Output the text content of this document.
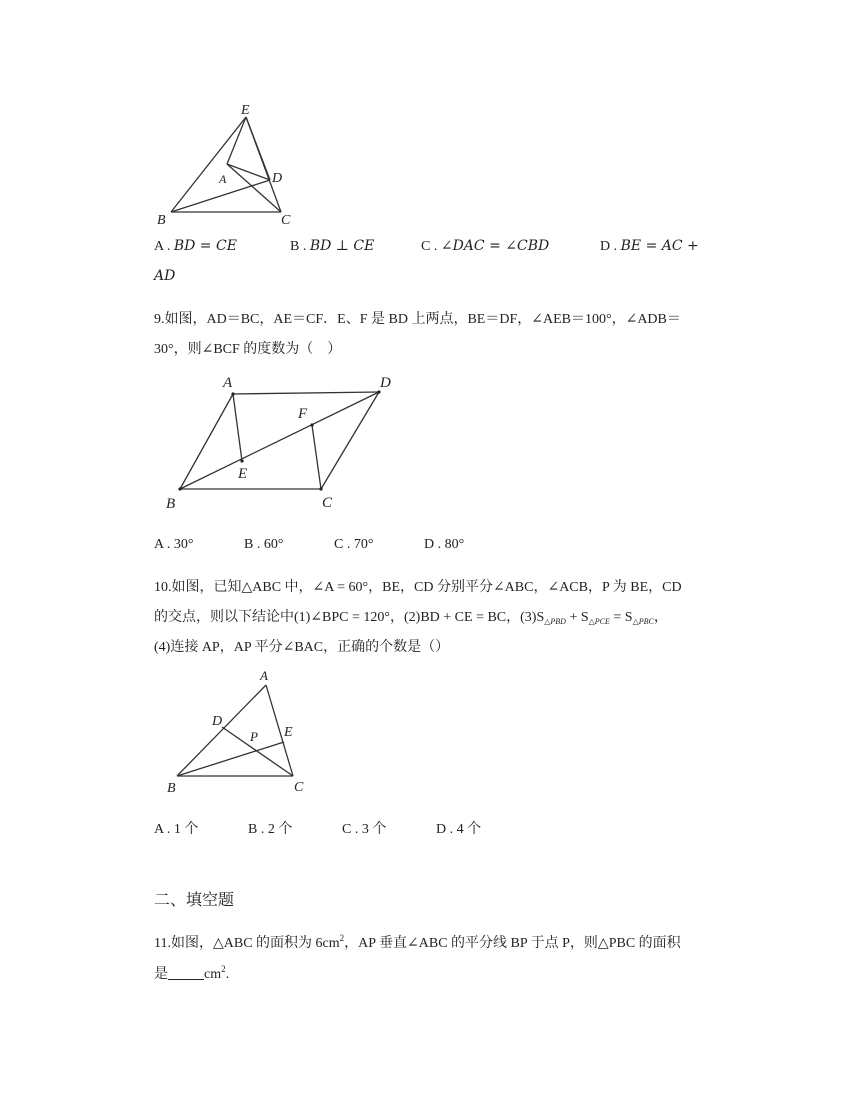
E
A	D
B	C
A . BD = CE	B . BD ⊥ CE	C . ∠DAC = ∠CBD	D . BE = AC +
AD
9.如图，AD＝BC，AE＝CF．E、F 是 BD 上两点，BE＝DF，∠AEB＝100°，∠ADB＝
30°，则∠BCF 的度数为（　）
A	D
F
E
B	C
A . 30°	B . 60°	C . 70°	D . 80°
10.如图，已知△ABC 中，∠A = 60°，BE，CD 分别平分∠ABC，∠ACB，P 为 BE，CD
的交点，则以下结论中(1)∠BPC = 120°，(2)BD + CE = BC，$(3)S_{\triangle PBD} + S_{\triangle PCE} = S_{\triangle PBC}$，
(4)连接 AP，AP 平分∠BAC，正确的个数是（）
A
D
P E
B	C
A . 1 个	B . 2 个	C . 3 个	D . 4 个
二、填空题
11.如图，△ABC 的面积为 $6cm^2$，AP 垂直∠ABC 的平分线 BP 于点 P，则△PBC 的面积
是	$cm^2$.
